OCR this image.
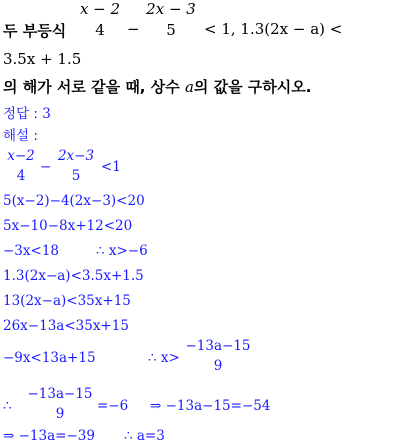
두 부등식
x − 2
4	−
2x − 3
5	< 1, 1.3(2x − a) <
3.5x + 1.5
의 해가 서로 같을 때, 상수 a의 값을 구하시오.
정답 : 3
해설 :
x−2
4
−
2x−3
5
<1
5(x−2)−4(2x−3)<20
5x−10−8x+12<20
−3x<18	∴ x>−6
1.3(2x−a)<3.5x+1.5
13(2x−a)<35x+15
26x−13a<35x+15
−9x<13a+15	∴ x>
−13a−15
9
∴
−13a−15
9	=−6 ⇒ −13a−15=−54
⇒ −13a=−39 ∴ a=3
